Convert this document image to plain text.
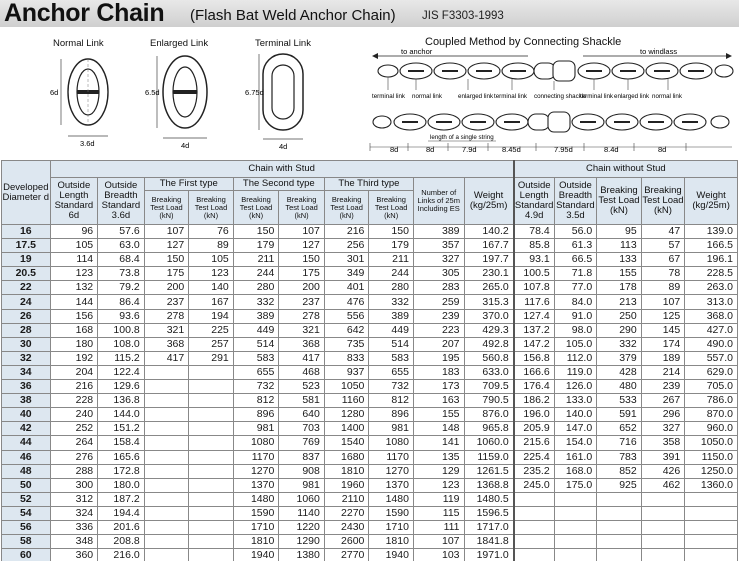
Anchor Chain (Flash Bat Weld Anchor Chain) JIS F3303-1993
Normal Link	Enlarged Link	Terminal Link	Coupled Method by Connecting Shackle
6d
3.6d
6.5d
4d
6.75d
4d
to anchor	to windlass
terminal link normal link	enlarged link terminal link connecting shackle
terminal link enlarged link normal link
length of a single string
8d	8d	7.9d	8.45d	7.95d	8.4d	8d
Developed Diameter d	Chain with Stud										Chain without Stud				
	Outside Length Standard 6d	Outside Breadth Standard 3.6d	The First type		The Second type		The Third type		Number of Links of 25m Including ES	Weight (kg/25m)	Outside Length Standard 4.9d	Outside Breadth Standard 3.5d	Breaking Test Load (kN)	Breaking Test Load (kN)	Weight (kg/25m)
			Breaking Test Load (kN)	Breaking Test Load (kN)	Breaking Test Load (kN)	Breaking Test Load (kN)	Breaking Test Load (kN)	Breaking Test Load (kN)							
16	96	57.6	107	76	150	107	216	150	389	140.2	78.4	56.0	95	47	139.0
17.5	105	63.0	127	89	179	127	256	179	357	167.7	85.8	61.3	113	57	166.5
19	114	68.4	150	105	211	150	301	211	327	197.7	93.1	66.5	133	67	196.1
20.5	123	73.8	175	123	244	175	349	244	305	230.1	100.5	71.8	155	78	228.5
22	132	79.2	200	140	280	200	401	280	283	265.0	107.8	77.0	178	89	263.0
24	144	86.4	237	167	332	237	476	332	259	315.3	117.6	84.0	213	107	313.0
26	156	93.6	278	194	389	278	556	389	239	370.0	127.4	91.0	250	125	368.0
28	168	100.8	321	225	449	321	642	449	223	429.3	137.2	98.0	290	145	427.0
30	180	108.0	368	257	514	368	735	514	207	492.8	147.2	105.0	332	174	490.0
32	192	115.2	417	291	583	417	833	583	195	560.8	156.8	112.0	379	189	557.0
34	204	122.4			655	468	937	655	183	633.0	166.6	119.0	428	214	629.0
36	216	129.6			732	523	1050	732	173	709.5	176.4	126.0	480	239	705.0
38	228	136.8			812	581	1160	812	163	790.5	186.2	133.0	533	267	786.0
40	240	144.0			896	640	1280	896	155	876.0	196.0	140.0	591	296	870.0
42	252	151.2			981	703	1400	981	148	965.8	205.9	147.0	652	327	960.0
44	264	158.4			1080	769	1540	1080	141	1060.0	215.6	154.0	716	358	1050.0
46	276	165.6			1170	837	1680	1170	135	1159.0	225.4	161.0	783	391	1150.0
48	288	172.8			1270	908	1810	1270	129	1261.5	235.2	168.0	852	426	1250.0
50	300	180.0			1370	981	1960	1370	123	1368.8	245.0	175.0	925	462	1360.0
52	312	187.2			1480	1060	2110	1480	119	1480.5					
54	324	194.4			1590	1140	2270	1590	115	1596.5					
56	336	201.6			1710	1220	2430	1710	111	1717.0					
58	348	208.8			1810	1290	2600	1810	107	1841.8					
60	360	216.0			1940	1380	2770	1940	103	1971.0					
